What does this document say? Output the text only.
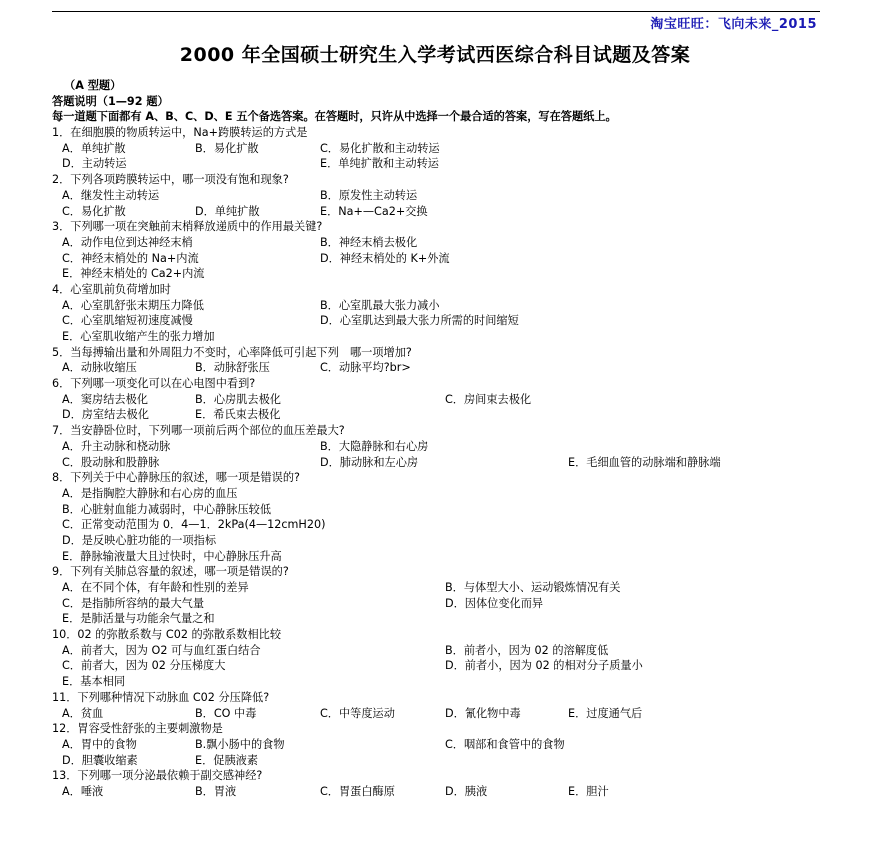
淘宝旺旺：飞向未来_2015
2000 年全国硕士研究生入学考试西医综合科目试题及答案
（A 型题）
答题说明（1—92 题）
每一道题下面都有 A、B、C、D、E 五个备选答案。在答题时，只许从中选择一个最合适的答案，写在答题纸上。
1．在细胞膜的物质转运中，Na+跨膜转运的方式是
A．单纯扩散	B．易化扩散	C．易化扩散和主动转运
D．主动转运	E．单纯扩散和主动转运
2．下列各项跨膜转运中，哪一项没有饱和现象?
A．继发性主动转运	B．原发性主动转运
C．易化扩散	D．单纯扩散	E．Na+—Ca2+交换
3．下列哪一项在突触前末梢释放递质中的作用最关键?
A．动作电位到达神经末梢	B．神经末梢去极化
C．神经末梢处的 Na+内流	D．神经末梢处的 K+外流
E．神经末梢处的 Ca2+内流
4．心室肌前负荷增加时
A．心室肌舒张末期压力降低	B．心室肌最大张力减小
C．心室肌缩短初速度减慢	D．心室肌达到最大张力所需的时间缩短
E．心室肌收缩产生的张力增加
5．当每搏输出量和外周阻力不变时，心率降低可引起下列　哪一项增加?
A．动脉收缩压	B．动脉舒张压	C．动脉平均?br>
6．下列哪一项变化可以在心电图中看到?
A．窦房结去极化	B．心房肌去极化	C．房间束去极化
D．房室结去极化	E．希氏束去极化
7．当安静卧位时，下列哪一项前后两个部位的血压差最大?
A．升主动脉和桡动脉	B．大隐静脉和右心房
C．股动脉和股静脉	D．肺动脉和左心房	E．毛细血管的动脉端和静脉端
8．下列关于中心静脉压的叙述，哪一项是错误的?
A．是指胸腔大静脉和右心房的血压
B．心脏射血能力减弱时，中心静脉压较低
C．正常变动范围为 0．4—1．2kPa(4—12cmH20)
D．是反映心脏功能的一项指标
E．静脉输液量大且过快时，中心静脉压升高
9．下列有关肺总容量的叙述，哪一项是错误的?
A．在不同个体，有年龄和性别的差异	B．与体型大小、运动锻炼情况有关
C．是指肺所容纳的最大气量	D．因体位变化而异
E．是肺活量与功能余气量之和
10．02 的弥散系数与 C02 的弥散系数相比较
A．前者大，因为 O2 可与血红蛋白结合	B．前者小，因为 02 的溶解度低
C．前者大，因为 02 分压梯度大	D．前者小，因为 02 的相对分子质量小
E．基本相同
11．下列哪种情况下动脉血 C02 分压降低?
A．贫血	B．CO 中毒	C．中等度运动	D．氰化物中毒	E．过度通气后
12．胃容受性舒张的主要刺激物是
A．胃中的食物	B.飘小肠中的食物	C．咽部和食管中的食物
D．胆囊收缩素	E．促胰液素
13．下列哪一项分泌最依赖于副交感神经?
A．唾液	B．胃液	C．胃蛋白酶原	D．胰液	E．胆汁
